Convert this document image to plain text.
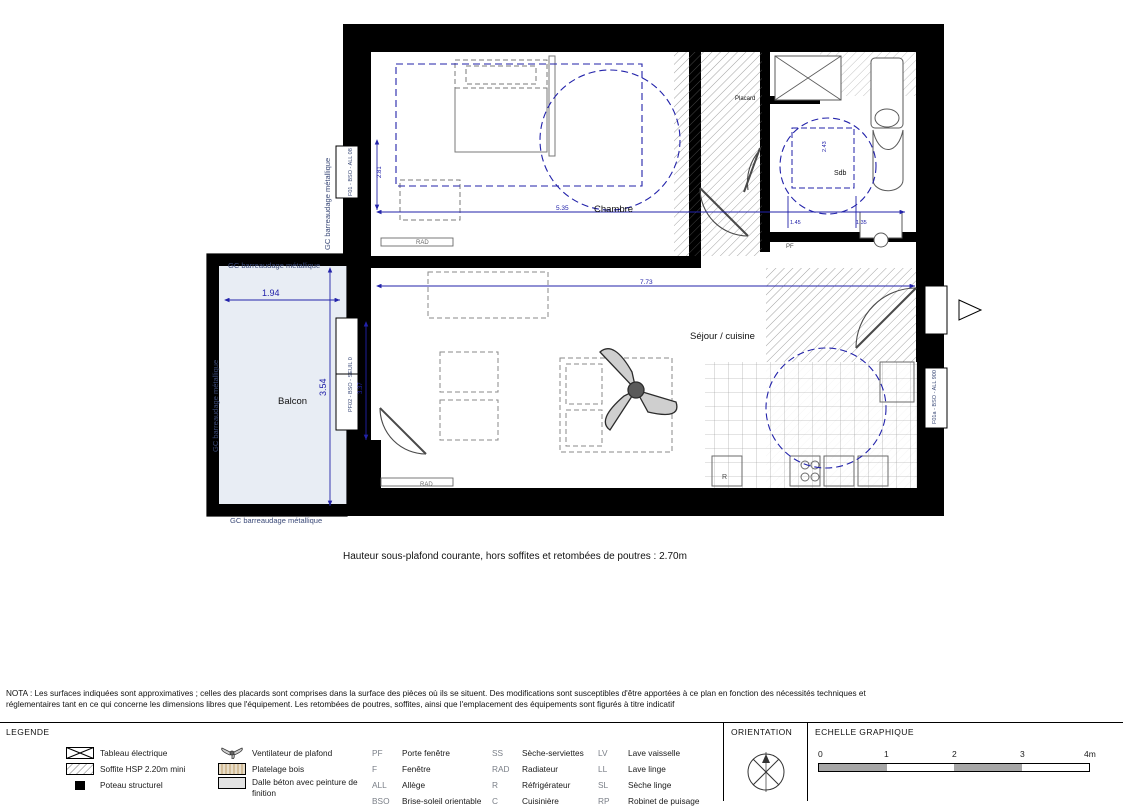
2.81
5.35
1.94
3.54	3.37
7.73
2.43
1.45	1.35
Chambre
Séjour / cuisine
Balcon
Sdb
Placard
GC barreaudage métallique
GC barreaudage métallique
GC barreaudage métallique
GC barreaudage métallique
RAD
RAD
R
PF
F01 - BSO - ALL 08
PF02 - BSO - SEUIL 0	F01a - BSO - ALL 900
Hauteur sous-plafond courante, hors soffites et retombées de poutres : 2.70m
NOTA : Les surfaces indiquées sont approximatives ; celles des placards sont comprises dans la surface des pièces où ils se situent. Des modifications sont susceptibles d'être apportées à ce plan en fonction des nécessités techniques et
réglementaires tant en ce qui concerne les dimensions libres que l'équipement. Les retombées de poutres, soffites, ainsi que l'emplacement des équipements sont figurés à titre indicatif
LEGENDE	ORIENTATION	ECHELLE GRAPHIQUE
Tableau électrique
Soffite HSP 2.20m mini
Poteau structurel
Ventilateur de plafond
Platelage bois
Dalle béton avec peinture de finition
PF	Porte fenêtre
F	Fenêtre
ALL	Allège
BSO	Brise-soleil orientable
SS	Sèche-serviettes
RAD	Radiateur
R	Réfrigérateur
C	Cuisinière
LV	Lave vaisselle
LL	Lave linge
SL	Sèche linge
RP	Robinet de puisage
0	1	2	3	4m
